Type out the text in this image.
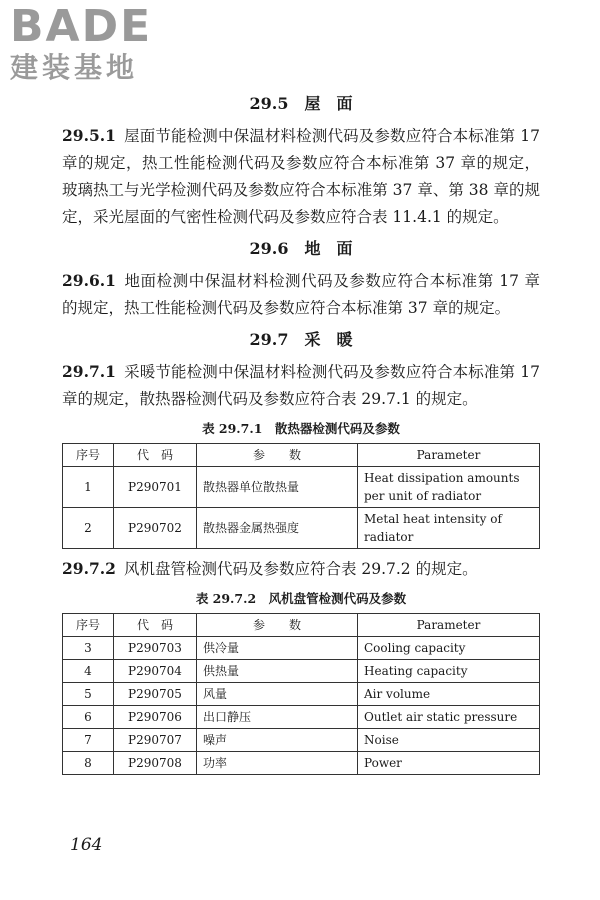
BADE
建装基地
29.5　屋　面

29.5.1 屋面节能检测中保温材料检测代码及参数应符合本标准第 17 章的规定，热工性能检测代码及参数应符合本标准第 37 章的规定，玻璃热工与光学检测代码及参数应符合本标准第 37 章、第 38 章的规定，采光屋面的气密性检测代码及参数应符合表 11.4.1 的规定。

29.6　地　面

29.6.1 地面检测中保温材料检测代码及参数应符合本标准第 17 章的规定，热工性能检测代码及参数应符合本标准第 37 章的规定。

29.7　采　暖

29.7.1 采暖节能检测中保温材料检测代码及参数应符合本标准第 17 章的规定，散热器检测代码及参数应符合表 29.7.1 的规定。

表 29.7.1　散热器检测代码及参数
序号	代　码	参　　数	Parameter
1	P290701	散热器单位散热量	Heat dissipation amounts per unit of radiator
2	P290702	散热器金属热强度	Metal heat intensity of radiator

29.7.2 风机盘管检测代码及参数应符合表 29.7.2 的规定。

表 29.7.2　风机盘管检测代码及参数
序号	代　码	参　　数	Parameter
3	P290703	供冷量	Cooling capacity
4	P290704	供热量	Heating capacity
5	P290705	风量	Air volume
6	P290706	出口静压	Outlet air static pressure
7	P290707	噪声	Noise
8	P290708	功率	Power
164
